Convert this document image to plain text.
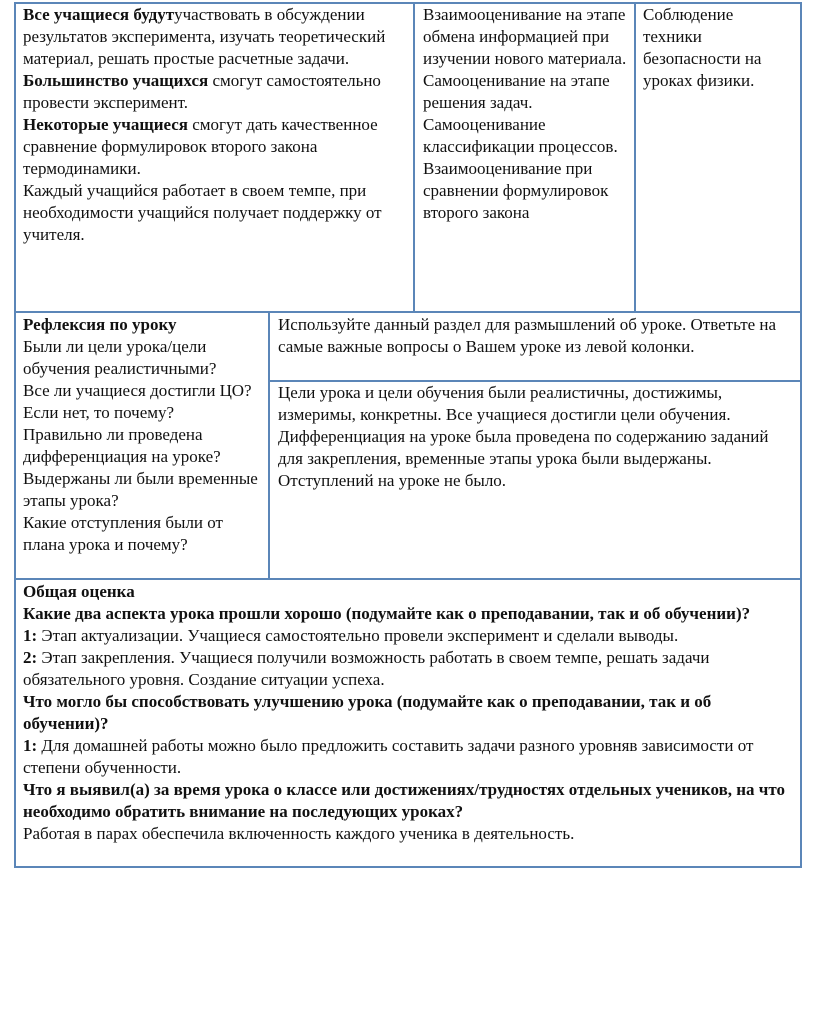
Все учащиеся будутучаствовать в обсуждении результатов эксперимента, изучать теоретический материал, решать простые расчетные задачи.

Большинство учащихся смогут самостоятельно провести эксперимент.

Некоторые учащиеся смогут дать качественное сравнение формулировок второго закона термодинамики.

Каждый учащийся работает в своем темпе, при необходимости учащийся получает поддержку от учителя.

Взаимооценивание на этапе обмена информацией при изучении нового материала.

Самооценивание на этапе решения задач.

Самооценивание классификации процессов.

Взаимооценивание при сравнении формулировок второго закона

Соблюдение техники безопасности на уроках физики.

Рефлексия по уроку

Были ли цели урока/цели обучения реалистичными?

Все ли учащиеся достигли ЦО?

Если нет, то почему?

Правильно ли проведена дифференциация на уроке?

Выдержаны ли были временные этапы урока?

Какие отступления были от плана урока и почему?

Используйте данный раздел для размышлений об уроке. Ответьте на самые важные вопросы о Вашем уроке из левой колонки.

Цели урока и цели обучения были реалистичны, достижимы, измеримы, конкретны. Все учащиеся достигли цели обучения. Дифференциация на уроке была проведена по содержанию заданий для закрепления, временные этапы урока были выдержаны. Отступлений на уроке не было.

Общая оценка

Какие два аспекта урока прошли хорошо (подумайте как о преподавании, так и об обучении)?

1: Этап актуализации. Учащиеся самостоятельно провели эксперимент и сделали выводы.

2: Этап закрепления. Учащиеся получили возможность работать в своем темпе, решать задачи обязательного уровня. Создание ситуации успеха.

Что могло бы способствовать улучшению урока (подумайте как о преподавании, так и об обучении)?

1: Для домашней работы можно было предложить составить задачи разного уровняв зависимости от степени обученности.

Что я выявил(а) за время урока о классе или достижениях/трудностях отдельных учеников, на что необходимо обратить внимание на последующих уроках?

Работая в парах обеспечила включенность каждого ученика в деятельность.
